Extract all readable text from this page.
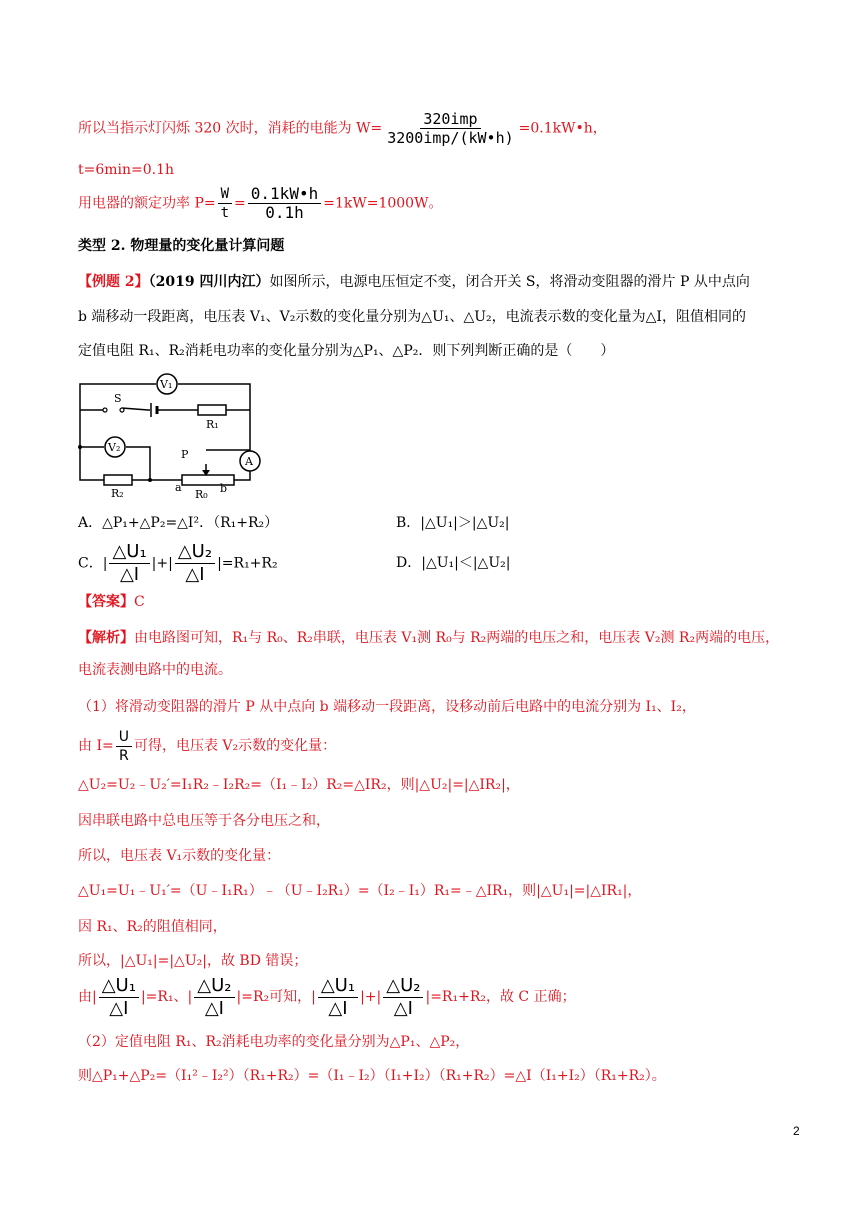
所以当指示灯闪烁 320 次时，消耗的电能为 $W= \frac{\text{320imp}}{\text{3200imp/(kW•h)}}$ =0.1kW•h，
t=6min=0.1h
用电器的额定功率 $P= \frac{W}{t} = \frac{0.1kW•h}{0.1h} =1kW=1000W$。
类型 2. 物理量的变化量计算问题
【例题 2】（2019 四川内江）如图所示，电源电压恒定不变，闭合开关 S，将滑动变阻器的滑片 P 从中点向
b 端移动一段距离，电压表 V₁、V₂示数的变化量分别为△U₁、△U₂，电流表示数的变化量为△I，阻值相同的
定值电阻 R₁、R₂消耗电功率的变化量分别为△P₁、△P₂．则下列判断正确的是（　　）
V₁
V₂
A
S
R₁
R₂
P
a
R₀ b
A．△P₁+△P₂=△I²．（R₁+R₂）	B．|△U₁|＞|△U₂|
C．| $\frac{\text{△U₁}}{\triangle I}$ |+| $\frac{\text{△U₂}}{\triangle I} |=R_1+R_2$	D．|△U₁|＜|△U₂|
【答案】C
【解析】由电路图可知，R₁与 R₀、R₂串联，电压表 V₁测 R₀与 R₂两端的电压之和，电压表 V₂测 R₂两端的电压，
电流表测电路中的电流。
（1）将滑动变阻器的滑片 P 从中点向 b 端移动一段距离，设移动前后电路中的电流分别为 I₁、I₂，
由 $I= \frac{U}{R}$ 可得，电压表 V₂示数的变化量：
△U₂=U₂﹣U₂′=I₁R₂﹣I₂R₂=（I₁﹣I₂）R₂=△IR₂，则|△U₂|=|△IR₂|，
因串联电路中总电压等于各分电压之和，
所以，电压表 V₁示数的变化量：
△U₁=U₁﹣U₁′=（U﹣I₁R₁）﹣（U﹣I₂R₁）=（I₂﹣I₁）R₁=﹣△IR₁，则|△U₁|=|△IR₁|，
因 R₁、R₂的阻值相同，
所以，|△U₁|=|△U₂|，故 BD 错误；
由| $\frac{\text{△U₁}}{\triangle I} |=R_1$、| $\frac{\text{△U₂}}{\triangle I} |=R_2$可知，| $\frac{\text{△U₁}}{\triangle I}$ |+| $\frac{\text{△U₂}}{\triangle I} |=R_1+R_2$，故 C 正确；
（2）定值电阻 R₁、R₂消耗电功率的变化量分别为△P₁、△P₂，
则△P₁+△P₂=（I₁²﹣I₂²）（R₁+R₂）=（I₁﹣I₂）（I₁+I₂）（R₁+R₂）=△I（I₁+I₂）（R₁+R₂）。
2
